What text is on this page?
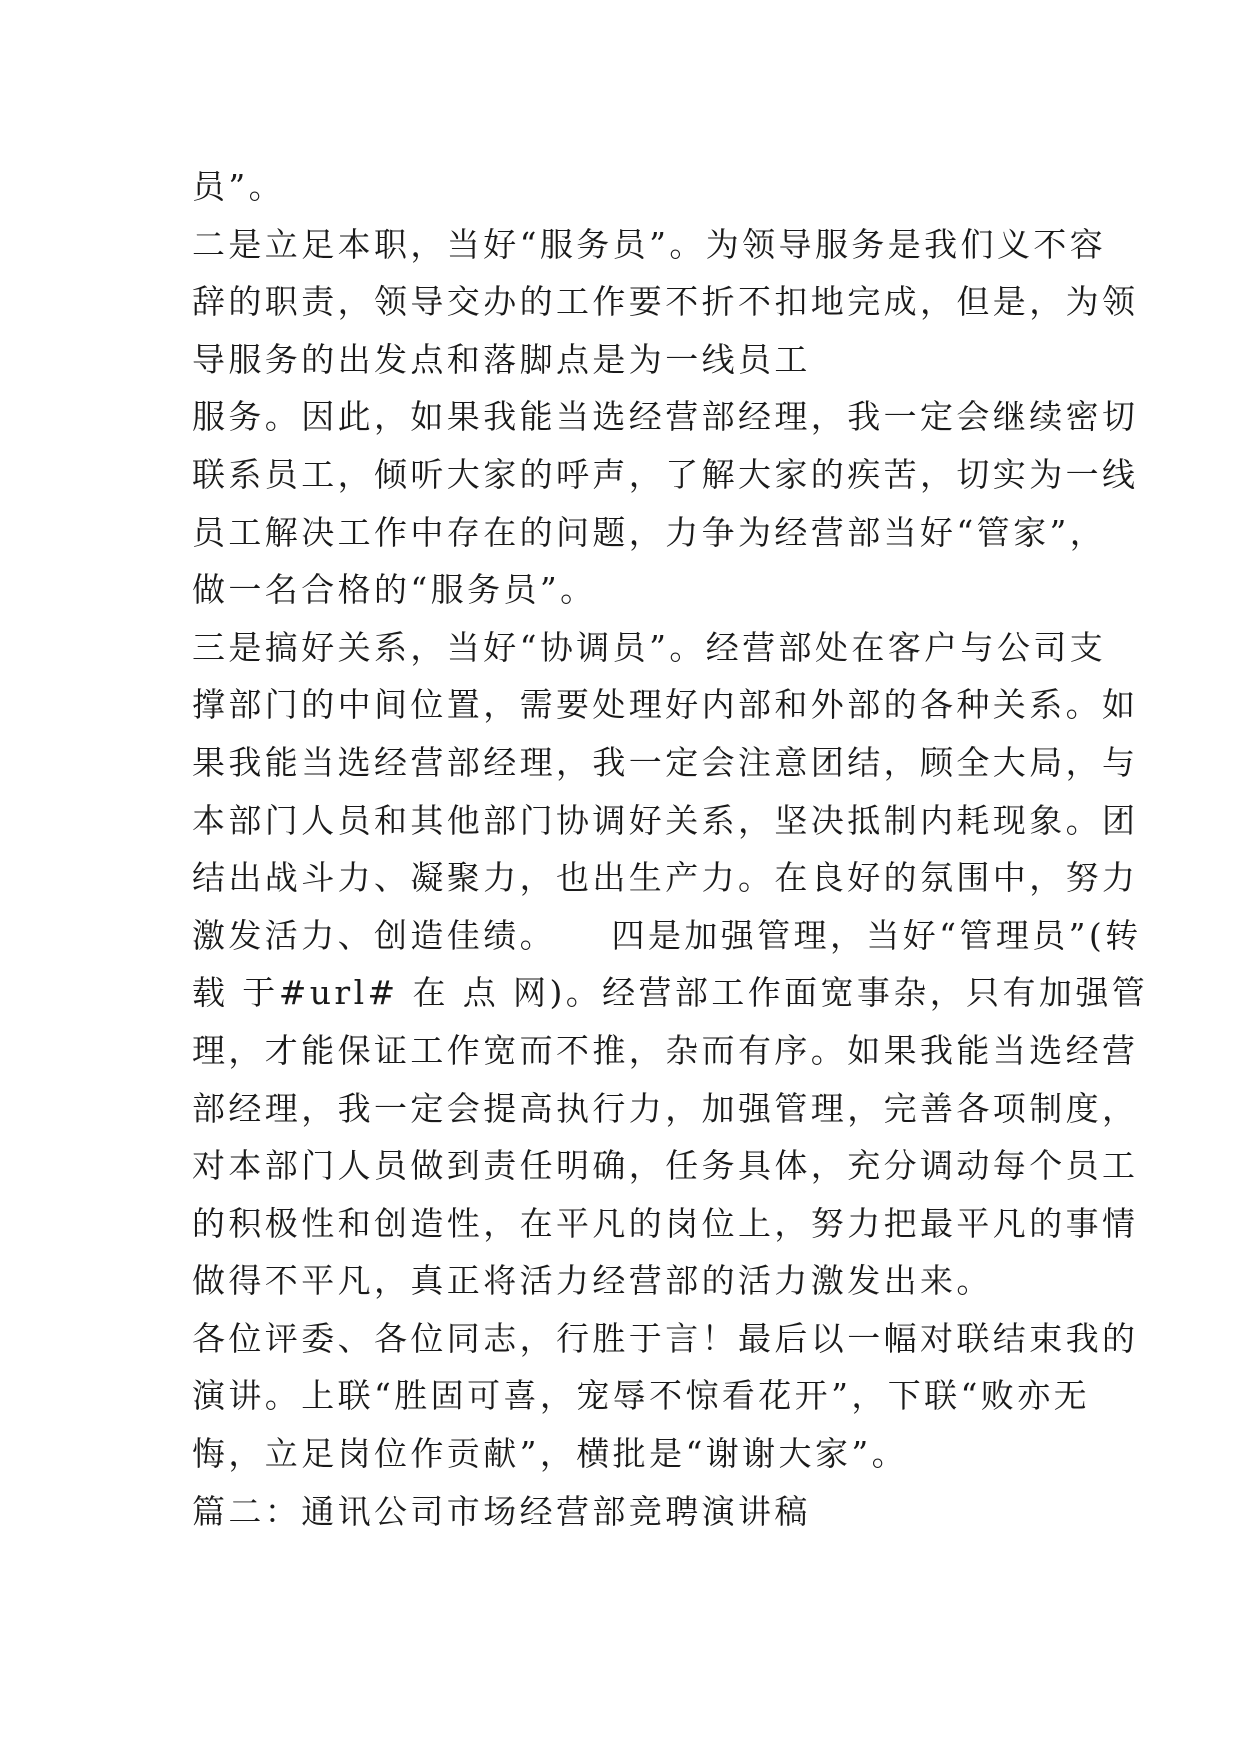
员”。
二是立足本职，当好“服务员”。为领导服务是我们义不容
辞的职责，领导交办的工作要不折不扣地完成，但是，为领
导服务的出发点和落脚点是为一线员工
服务。因此，如果我能当选经营部经理，我一定会继续密切
联系员工，倾听大家的呼声，了解大家的疾苦，切实为一线
员工解决工作中存在的问题，力争为经营部当好“管家”，
做一名合格的“服务员”。
三是搞好关系，当好“协调员”。经营部处在客户与公司支
撑部门的中间位置，需要处理好内部和外部的各种关系。如
果我能当选经营部经理，我一定会注意团结，顾全大局，与
本部门人员和其他部门协调好关系，坚决抵制内耗现象。团
结出战斗力、凝聚力，也出生产力。在良好的氛围中，努力
激发活力、创造佳绩。    四是加强管理，当好“管理员”(转
载 于#url# 在 点 网)。经营部工作面宽事杂，只有加强管
理，才能保证工作宽而不推，杂而有序。如果我能当选经营
部经理，我一定会提高执行力，加强管理，完善各项制度，
对本部门人员做到责任明确，任务具体，充分调动每个员工
的积极性和创造性，在平凡的岗位上，努力把最平凡的事情
做得不平凡，真正将活力经营部的活力激发出来。
各位评委、各位同志，行胜于言！最后以一幅对联结束我的
演讲。上联“胜固可喜，宠辱不惊看花开”，下联“败亦无
悔，立足岗位作贡献”，横批是“谢谢大家”。
篇二：通讯公司市场经营部竞聘演讲稿
